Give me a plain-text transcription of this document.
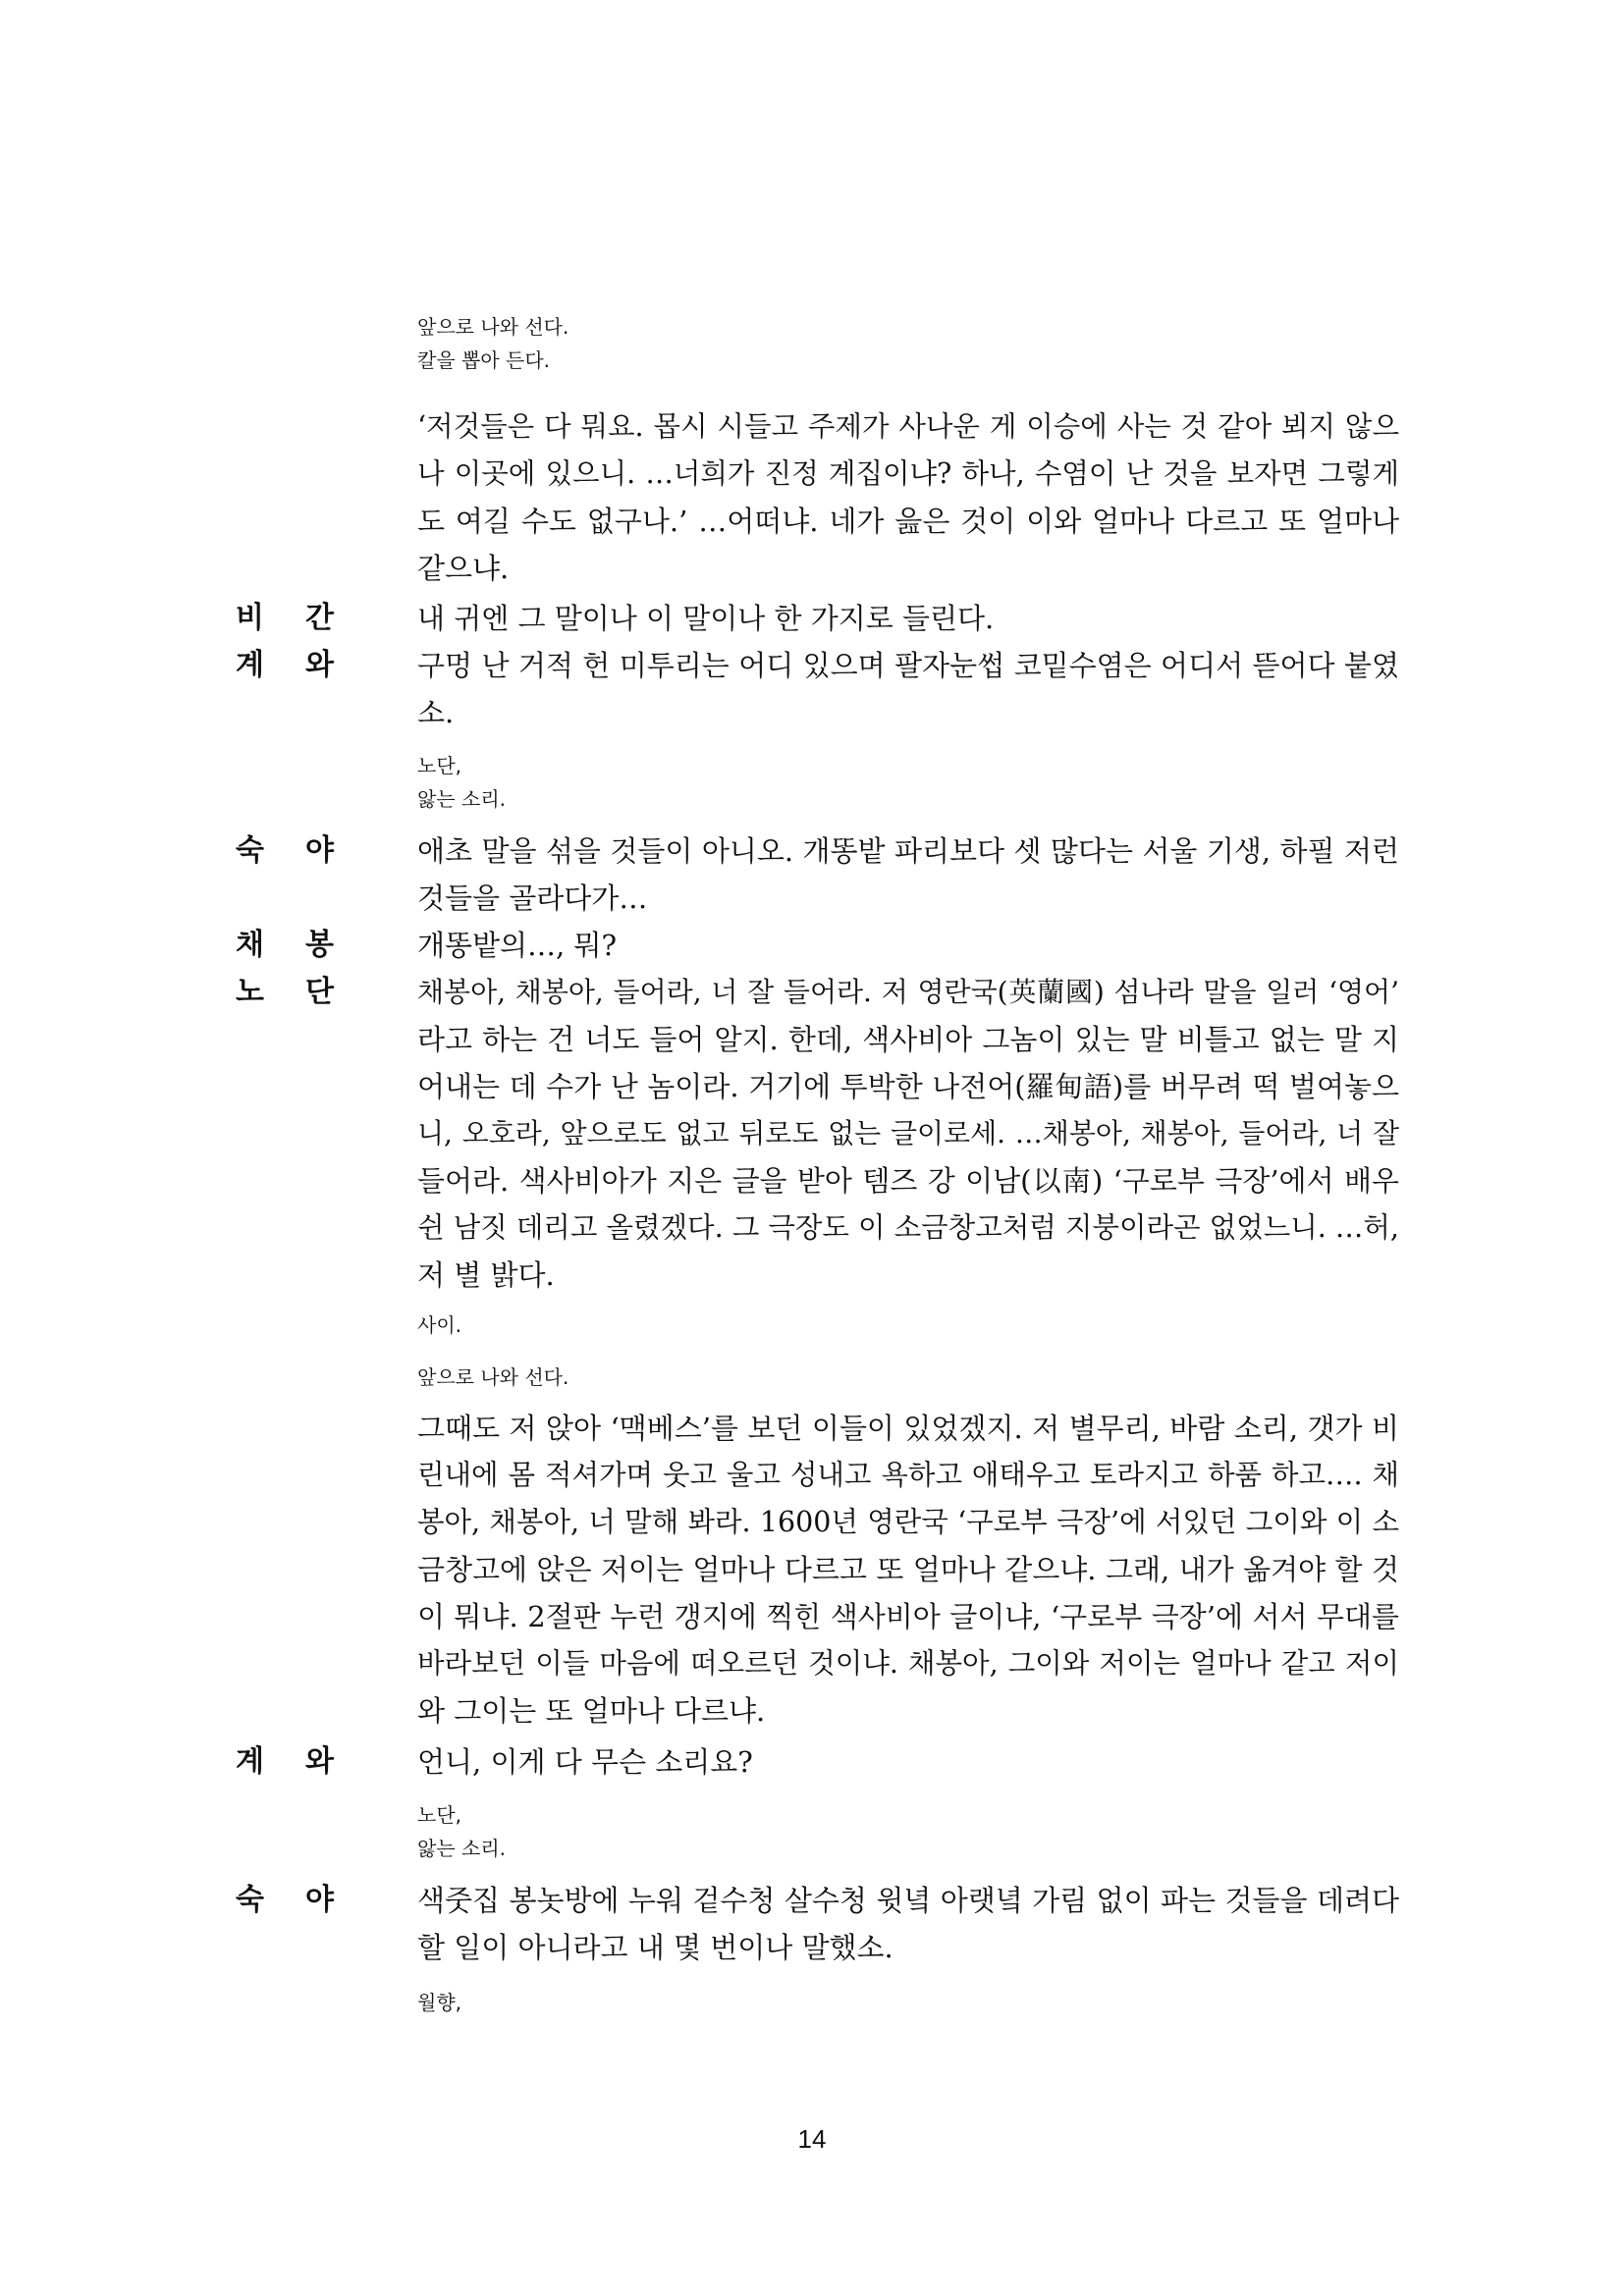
앞으로 나와 선다.
칼을 뽑아 든다.
‘저것들은 다 뭐요. 몹시 시들고 주제가 사나운 게 이승에 사는 것 같아 뵈지 않으
나 이곳에 있으니. …너희가 진정 계집이냐? 하나, 수염이 난 것을 보자면 그렇게
도 여길 수도 없구나.’ …어떠냐. 네가 읊은 것이 이와 얼마나 다르고 또 얼마나
같으냐.
비 간	내 귀엔 그 말이나 이 말이나 한 가지로 들린다.
계 와	구멍 난 거적 헌 미투리는 어디 있으며 팔자눈썹 코밑수염은 어디서 뜯어다 붙였
소.
노단,
앓는 소리.
숙 야	애초 말을 섞을 것들이 아니오. 개똥밭 파리보다 셋 많다는 서울 기생, 하필 저런
것들을 골라다가…
채 봉	개똥밭의…, 뭐?
노 단	채봉아, 채봉아, 들어라, 너 잘 들어라. 저 영란국(英蘭國) 섬나라 말을 일러 ‘영어’
라고 하는 건 너도 들어 알지. 한데, 색사비아 그놈이 있는 말 비틀고 없는 말 지
어내는 데 수가 난 놈이라. 거기에 투박한 나전어(羅甸語)를 버무려 떡 벌여놓으
니, 오호라, 앞으로도 없고 뒤로도 없는 글이로세. …채봉아, 채봉아, 들어라, 너 잘
들어라. 색사비아가 지은 글을 받아 템즈 강 이남(以南) ‘구로부 극장’에서 배우
쉰 남짓 데리고 올렸겠다. 그 극장도 이 소금창고처럼 지붕이라곤 없었느니. …허,
저 별 밝다.
사이.
앞으로 나와 선다.
그때도 저 앉아 ‘맥베스’를 보던 이들이 있었겠지. 저 별무리, 바람 소리, 갯가 비
린내에 몸 적셔가며 웃고 울고 성내고 욕하고 애태우고 토라지고 하품 하고…. 채
봉아, 채봉아, 너 말해 봐라. 1600년 영란국 ‘구로부 극장’에 서있던 그이와 이 소
금창고에 앉은 저이는 얼마나 다르고 또 얼마나 같으냐. 그래, 내가 옮겨야 할 것
이 뭐냐. 2절판 누런 갱지에 찍힌 색사비아 글이냐, ‘구로부 극장’에 서서 무대를
바라보던 이들 마음에 떠오르던 것이냐. 채봉아, 그이와 저이는 얼마나 같고 저이
와 그이는 또 얼마나 다르냐.
계 와	언니, 이게 다 무슨 소리요?
노단,
앓는 소리.
숙 야	색줏집 봉놋방에 누워 겉수청 살수청 윗녘 아랫녘 가림 없이 파는 것들을 데려다
할 일이 아니라고 내 몇 번이나 말했소.
월향,
14
